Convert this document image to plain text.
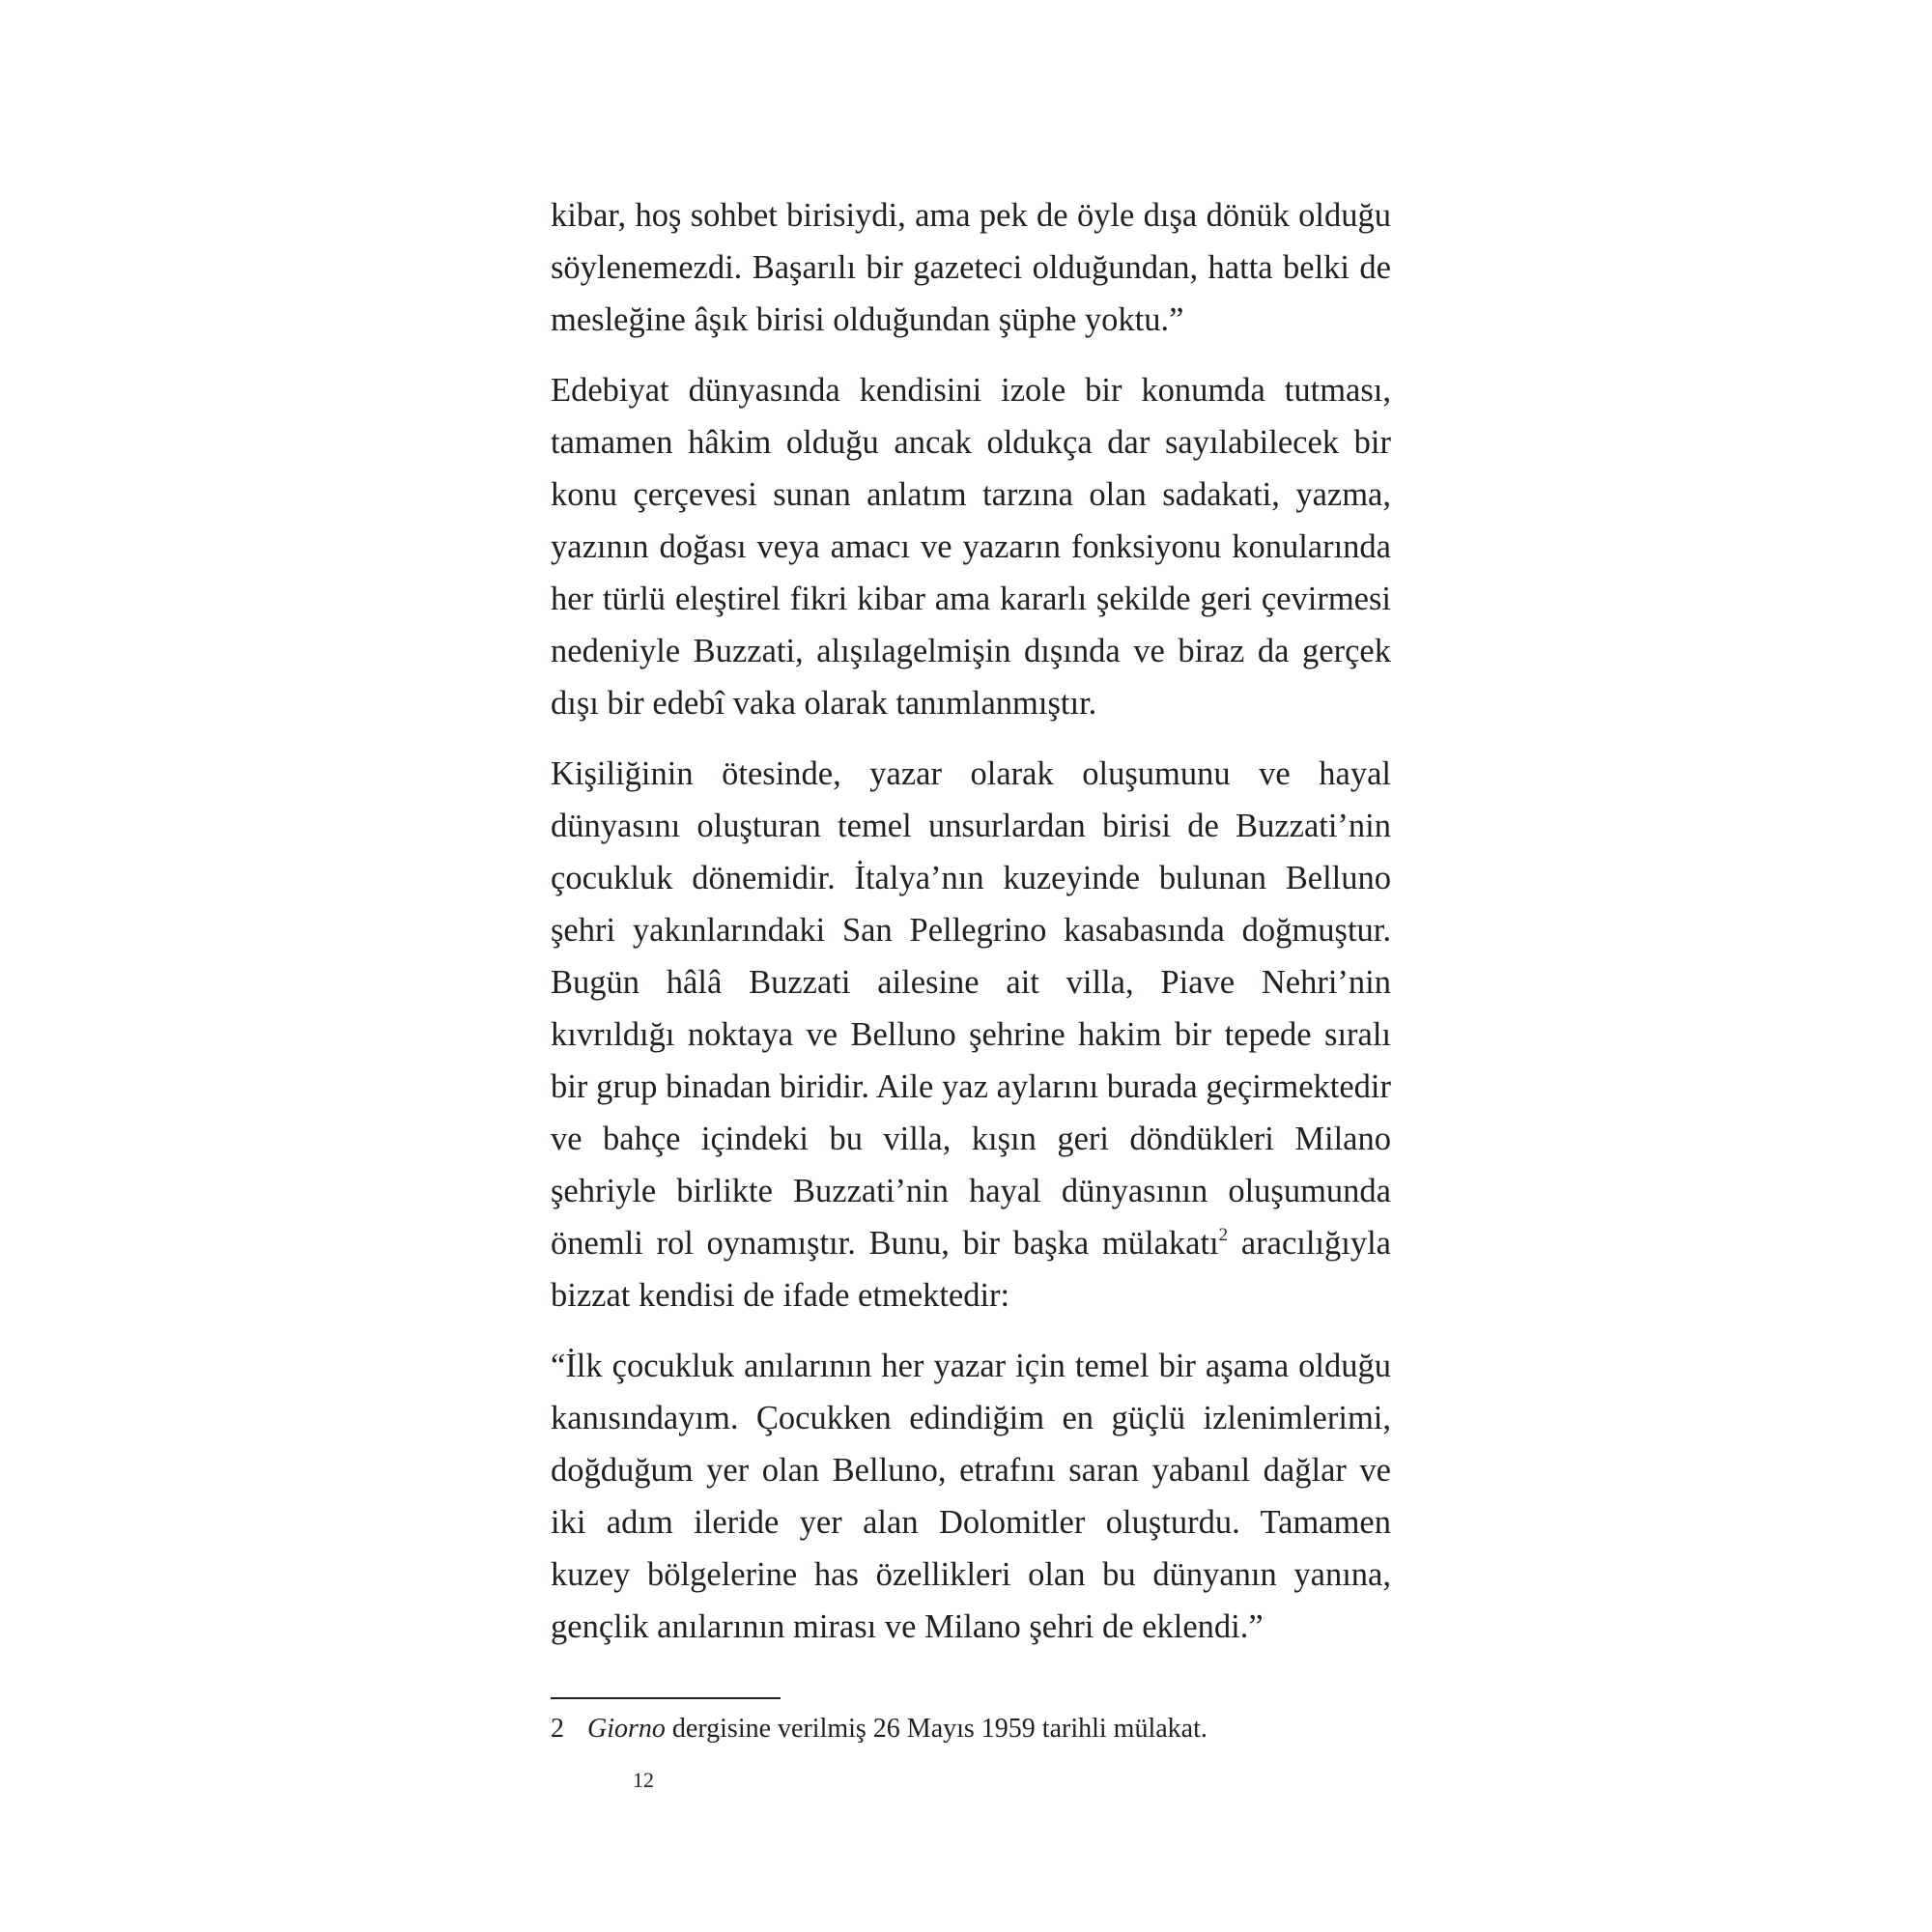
kibar, hoş sohbet birisiydi, ama pek de öyle dışa dönük olduğu söylenemezdi. Başarılı bir gazeteci olduğundan, hatta belki de mesleğine âşık birisi olduğundan şüphe yoktu.”

Edebiyat dünyasında kendisini izole bir konumda tutması, tamamen hâkim olduğu ancak oldukça dar sayılabilecek bir konu çerçevesi sunan anlatım tarzına olan sadakati, yazma, yazının doğası veya amacı ve yazarın fonksiyonu konularında her türlü eleştirel fikri kibar ama kararlı şekilde geri çevirmesi nedeniyle Buzzati, alışılagelmişin dışında ve biraz da gerçek dışı bir edebî vaka olarak tanımlanmıştır.

Kişiliğinin ötesinde, yazar olarak oluşumunu ve hayal dünyasını oluşturan temel unsurlardan birisi de Buzzati’nin çocukluk dönemidir. İtalya’nın kuzeyinde bulunan Belluno şehri yakınlarındaki San Pellegrino kasabasında doğmuştur. Bugün hâlâ Buzzati ailesine ait villa, Piave Nehri’nin kıvrıldığı noktaya ve Belluno şehrine hakim bir tepede sıralı bir grup binadan biridir. Aile yaz aylarını burada geçirmektedir ve bahçe içindeki bu villa, kışın geri döndükleri Milano şehriyle birlikte Buzzati’nin hayal dünyasının oluşumunda önemli rol oynamıştır. Bunu, bir başka mülakatı$^2$ aracılığıyla bizzat kendisi de ifade etmektedir:

“İlk çocukluk anılarının her yazar için temel bir aşama olduğu kanısındayım. Çocukken edindiğim en güçlü izlenimlerimi, doğduğum yer olan Belluno, etrafını saran yabanıl dağlar ve iki adım ileride yer alan Dolomitler oluşturdu. Tamamen kuzey bölgelerine has özellikleri olan bu dünyanın yanına, gençlik anılarının mirası ve Milano şehri de eklendi.”

2 Giorno dergisine verilmiş 26 Mayıs 1959 tarihli mülakat.
12
